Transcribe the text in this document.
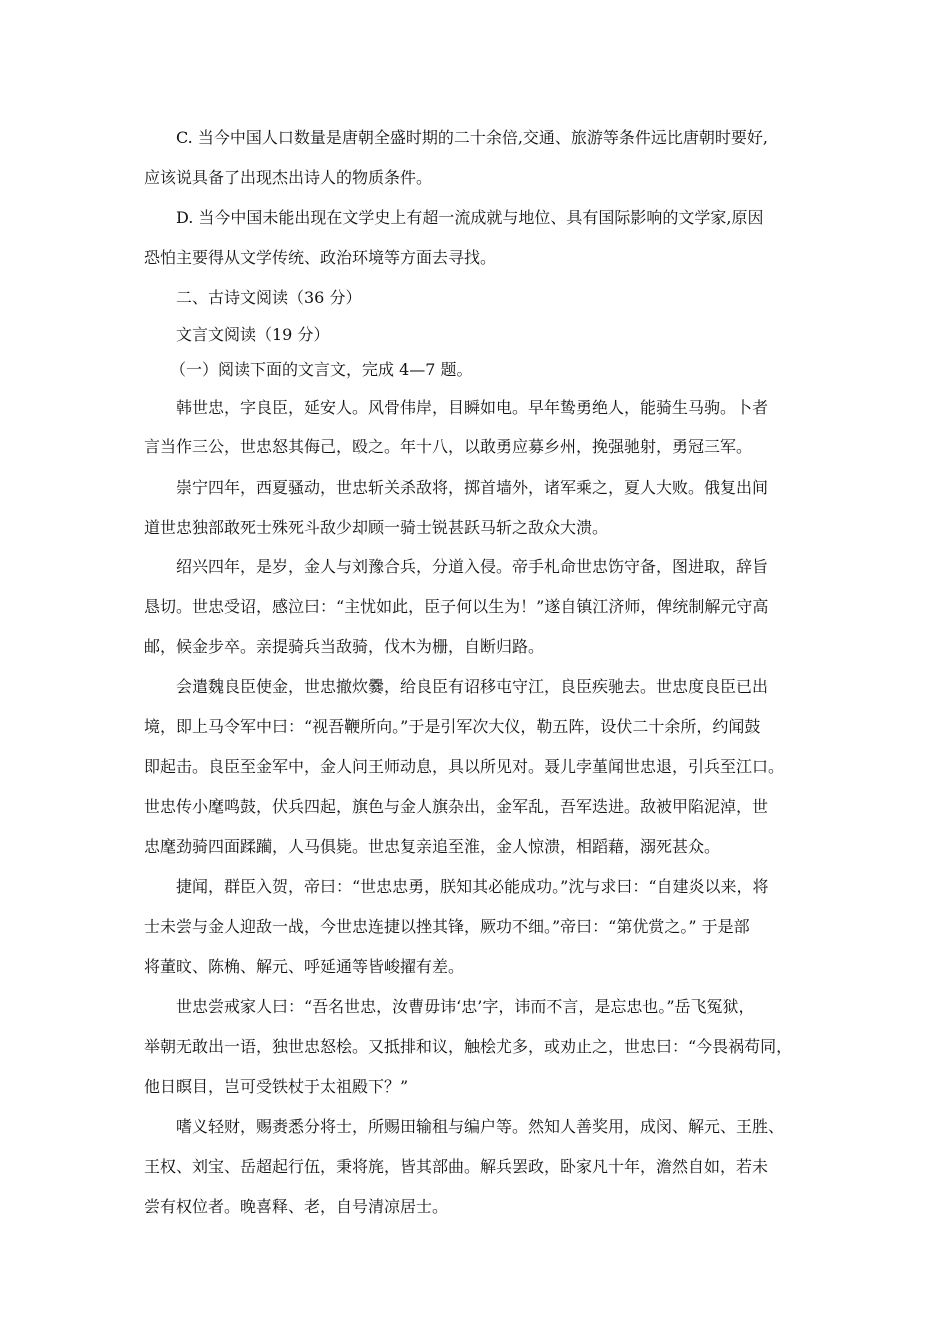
C. 当今中国人口数量是唐朝全盛时期的二十余倍,交通、旅游等条件远比唐朝时要好,
应该说具备了出现杰出诗人的物质条件。
D. 当今中国未能出现在文学史上有超一流成就与地位、具有国际影响的文学家,原因
恐怕主要得从文学传统、政治环境等方面去寻找。
二、古诗文阅读（36 分）
文言文阅读（19 分）
（一）阅读下面的文言文，完成 4—7 题。
韩世忠，字良臣，延安人。风骨伟岸，目瞬如电。早年鸷勇绝人，能骑生马驹。卜者
言当作三公，世忠怒其侮己，殴之。年十八，以敢勇应募乡州，挽强驰射，勇冠三军。
崇宁四年，西夏骚动，世忠斩关杀敌将，掷首墙外，诸军乘之，夏人大败。俄复出间
道世忠独部敢死士殊死斗敌少却顾一骑士锐甚跃马斩之敌众大溃。
绍兴四年，是岁，金人与刘豫合兵，分道入侵。帝手札命世忠饬守备，图进取，辞旨
恳切。世忠受诏，感泣曰：“主忧如此，臣子何以生为！”遂自镇江济师，俾统制解元守高
邮，候金步卒。亲提骑兵当敌骑，伐木为栅，自断归路。
会遣魏良臣使金，世忠撤炊爨，给良臣有诏移屯守江，良臣疾驰去。世忠度良臣已出
境，即上马令军中曰：“视吾鞭所向。”于是引军次大仪，勒五阵，设伏二十余所，约闻鼓
即起击。良臣至金军中，金人问王师动息，具以所见对。聂儿孛堇闻世忠退，引兵至江口。
世忠传小麾鸣鼓，伏兵四起，旗色与金人旗杂出，金军乱，吾军迭进。敌被甲陷泥淖，世
忠麾劲骑四面蹂躏，人马俱毙。世忠复亲追至淮，金人惊溃，相蹈藉，溺死甚众。
捷闻，群臣入贺，帝曰：“世忠忠勇，朕知其必能成功。”沈与求曰：“自建炎以来，将
士未尝与金人迎敌一战，今世忠连捷以挫其锋，厥功不细。”帝曰：“第优赏之。” 于是部
将董旼、陈桷、解元、呼延通等皆峻擢有差。
世忠尝戒家人曰：“吾名世忠，汝曹毋讳‘忠’字，讳而不言，是忘忠也。”岳飞冤狱，
举朝无敢出一语，独世忠怒桧。又抵排和议，触桧尤多，或劝止之，世忠曰：“今畏祸苟同，
他日瞑目，岂可受铁杖于太祖殿下？”
嗜义轻财，赐赉悉分将士，所赐田输租与编户等。然知人善奖用，成闵、解元、王胜、
王权、刘宝、岳超起行伍，秉将旄，皆其部曲。解兵罢政，卧家凡十年，澹然自如，若未
尝有权位者。晚喜释、老，自号清凉居士。
